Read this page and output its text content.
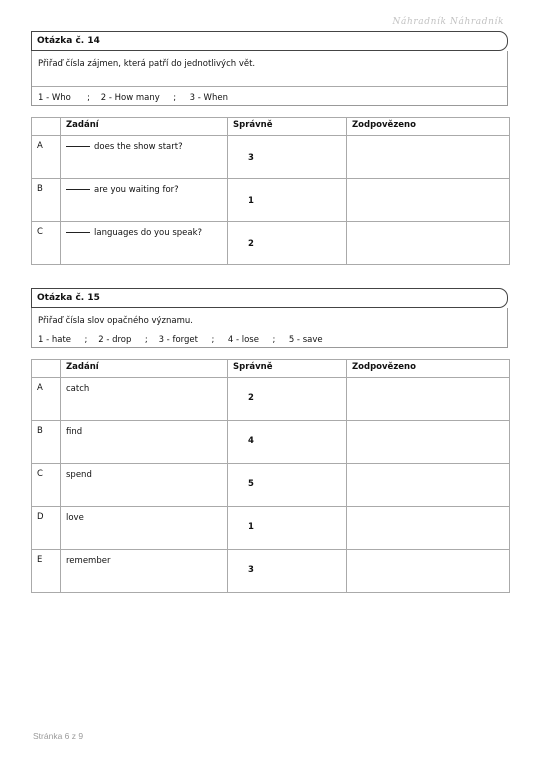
Náhradník Náhradník
Otázka č. 14
Přiřaď čísla zájmen, která patří do jednotlivých vět.
1 - Who      ;    2 - How many     ;     3 - When
	Zadání	Správně	Zodpovězeno
A	does the show start?	3	
B	are you waiting for?	1	
C	languages do you speak?	2	
Otázka č. 15
Přiřaď čísla slov opačného významu.
1 - hate     ;    2 - drop     ;    3 - forget     ;     4 - lose     ;     5 - save
	Zadání	Správně	Zodpovězeno
A	catch	2	
B	find	4	
C	spend	5	
D	love	1	
E	remember	3	
Stránka 6 z 9
